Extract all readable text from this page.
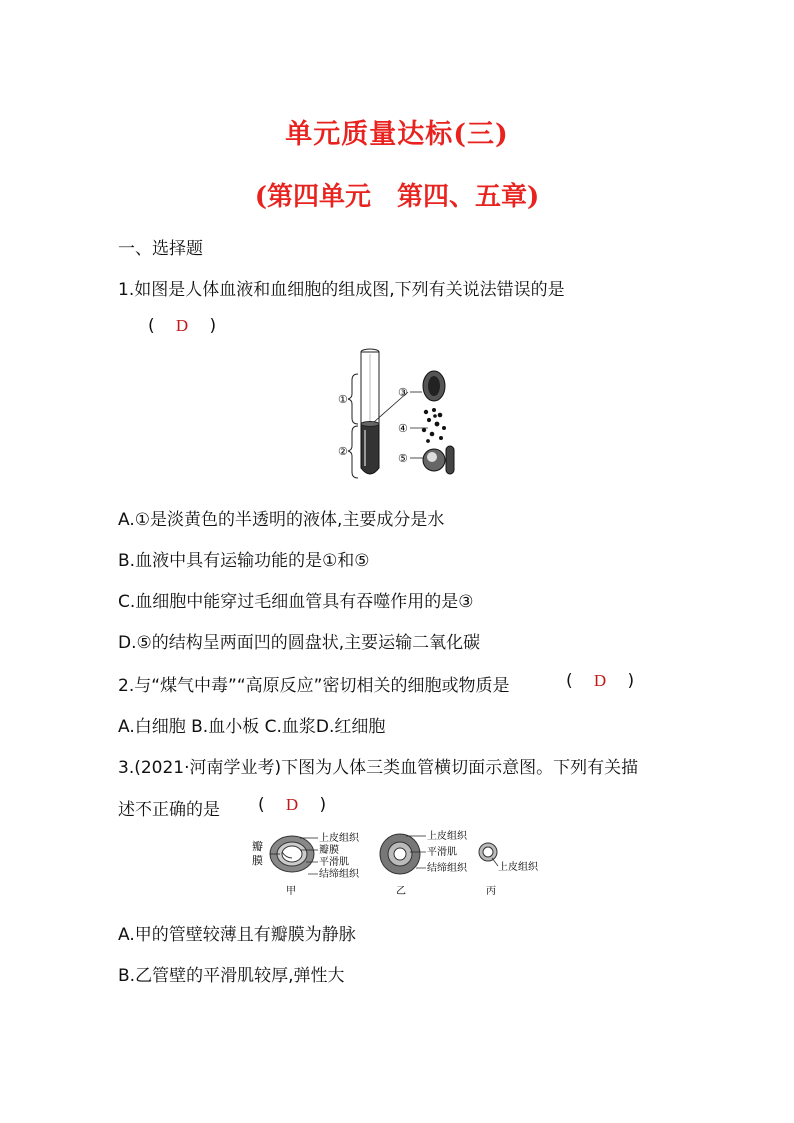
单元质量达标(三)
(第四单元　第四、五章)
一、选择题
1.如图是人体血液和血细胞的组成图,下列有关说法错误的是
( D )
①
②
③
④
⑤
A.①是淡黄色的半透明的液体,主要成分是水
B.血液中具有运输功能的是①和⑤
C.血细胞中能穿过毛细血管具有吞噬作用的是③
D.⑤的结构呈两面凹的圆盘状,主要运输二氧化碳
2.与“煤气中毒”“高原反应”密切相关的细胞或物质是	( D )
A.白细胞 B.血小板 C.血浆D.红细胞
3.(2021·河南学业考)下图为人体三类血管横切面示意图。下列有关描
述不正确的是 ( D )
瓣
膜
上皮组织
瓣膜
平滑肌
结缔组织
甲
上皮组织
平滑肌
结缔组织
乙
上皮组织
丙
A.甲的管壁较薄且有瓣膜为静脉
B.乙管壁的平滑肌较厚,弹性大
